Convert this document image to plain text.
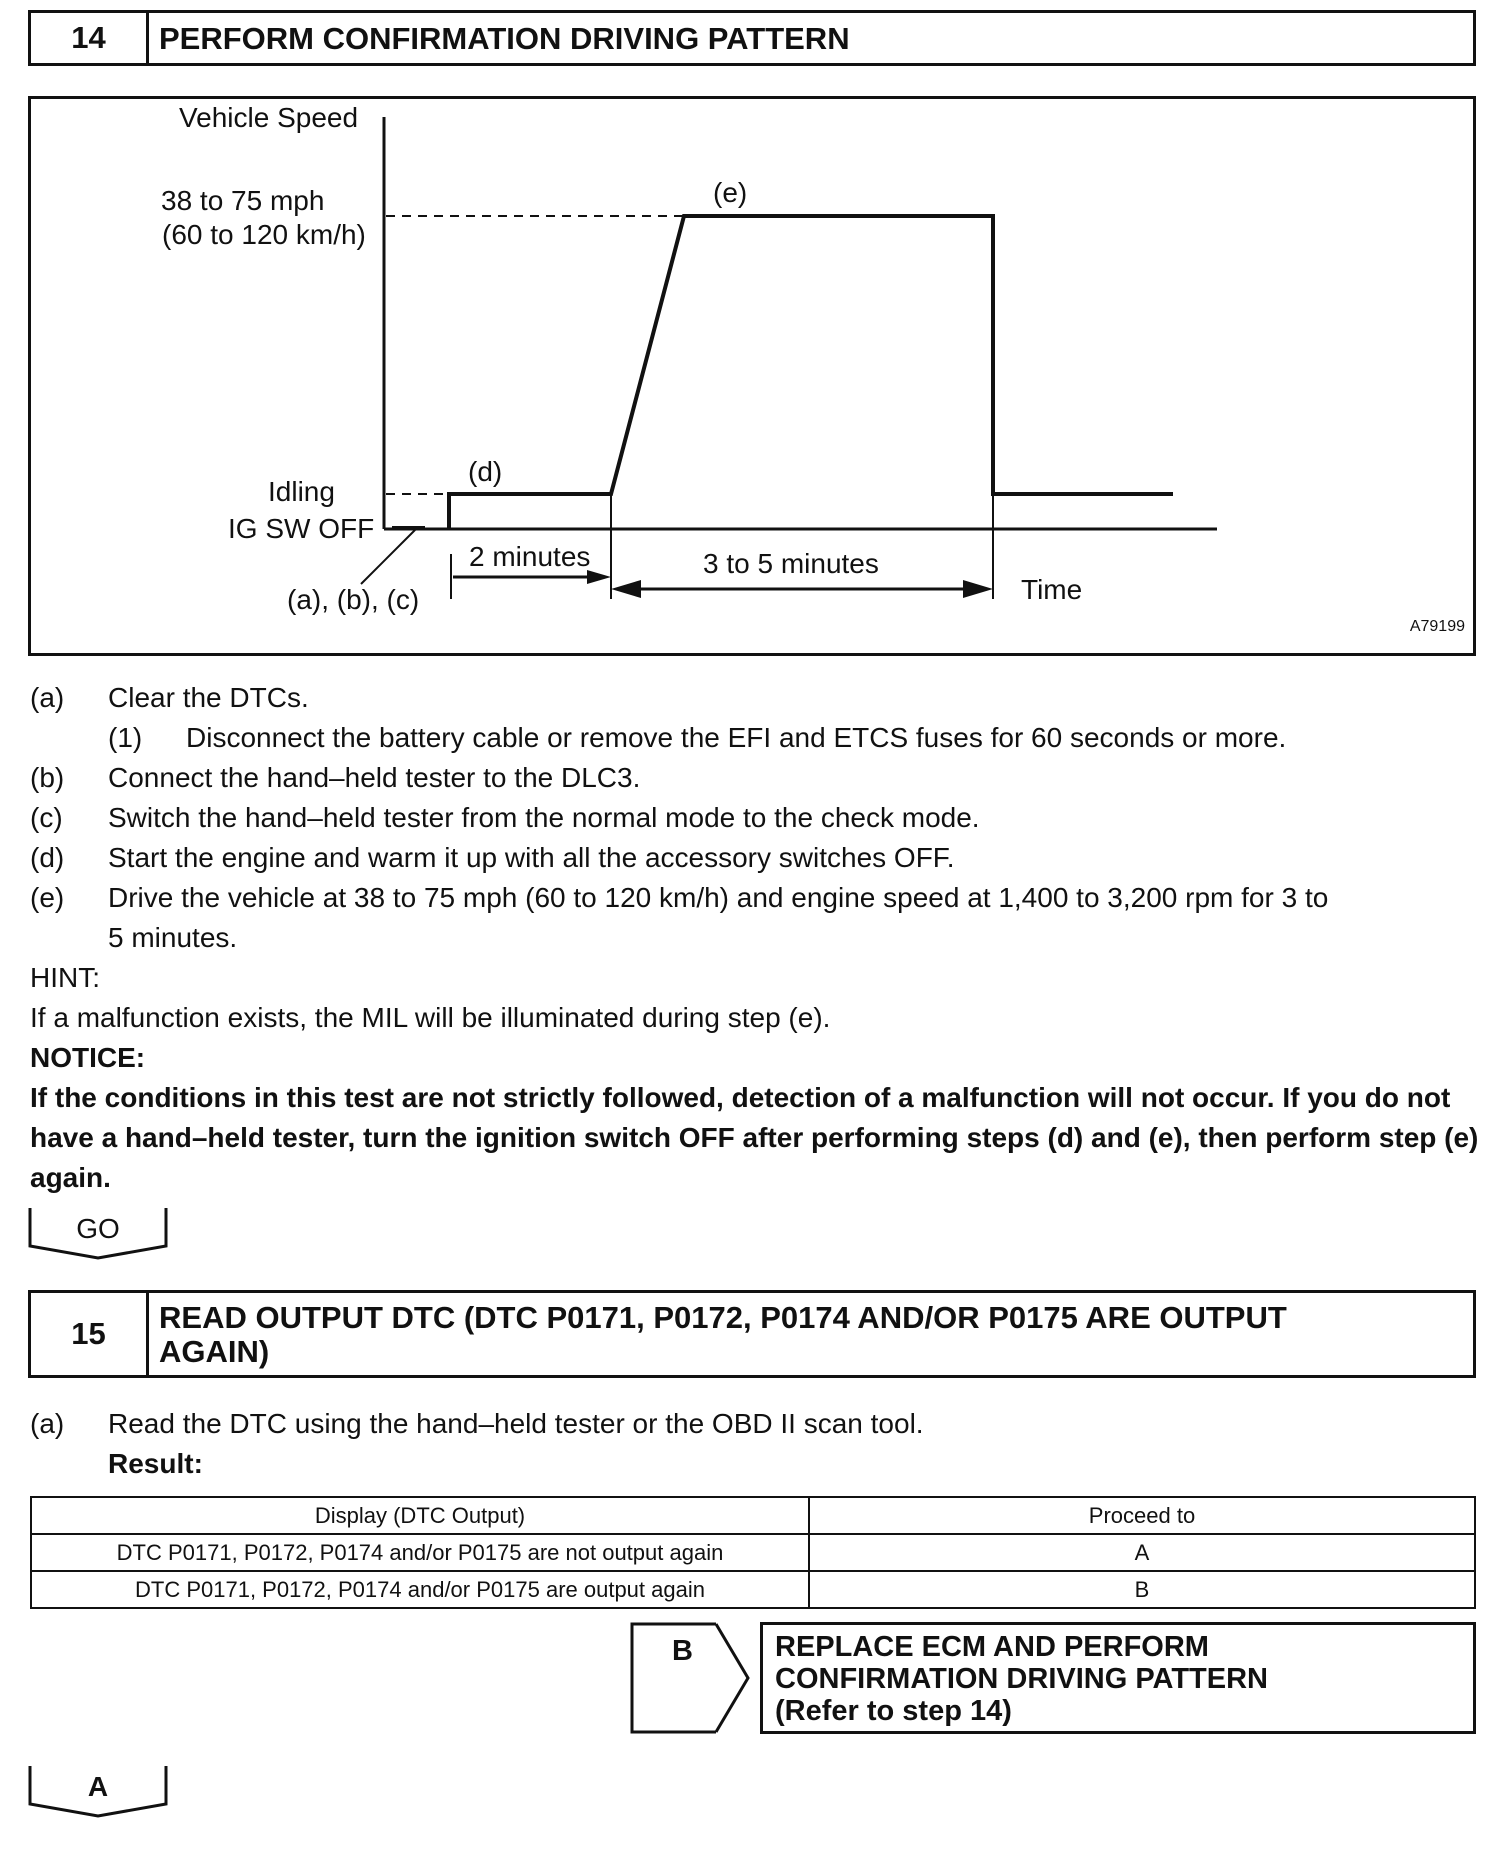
14	PERFORM CONFIRMATION DRIVING PATTERN
Vehicle Speed
38 to 75 mph
(60 to 120 km/h)
Idling
IG SW OFF
(e)
(d)
(a), (b), (c)
2 minutes	3 to 5 minutes
Time
A79199
(a) Clear the DTCs.
(1) Disconnect the battery cable or remove the EFI and ETCS fuses for 60 seconds or more.
(b) Connect the hand–held tester to the DLC3.
(c) Switch the hand–held tester from the normal mode to the check mode.
(d) Start the engine and warm it up with all the accessory switches OFF.
(e) Drive the vehicle at 38 to 75 mph (60 to 120 km/h) and engine speed at 1,400 to 3,200 rpm for 3 to
5 minutes.
HINT:
If a malfunction exists, the MIL will be illuminated during step (e).
NOTICE:
If the conditions in this test are not strictly followed, detection of a malfunction will not occur. If you do not have a hand–held tester, turn the ignition switch OFF after performing steps (d) and (e), then perform step (e) again.
GO
15	READ OUTPUT DTC (DTC P0171, P0172, P0174 AND/OR P0175 ARE OUTPUT
AGAIN)
(a) Read the DTC using the hand–held tester or the OBD II scan tool.
Result:
Display (DTC Output)	Proceed to
DTC P0171, P0172, P0174 and/or P0175 are not output again	A
DTC P0171, P0172, P0174 and/or P0175 are output again	B
B	REPLACE ECM AND PERFORM
CONFIRMATION DRIVING PATTERN
(Refer to step 14)
A
